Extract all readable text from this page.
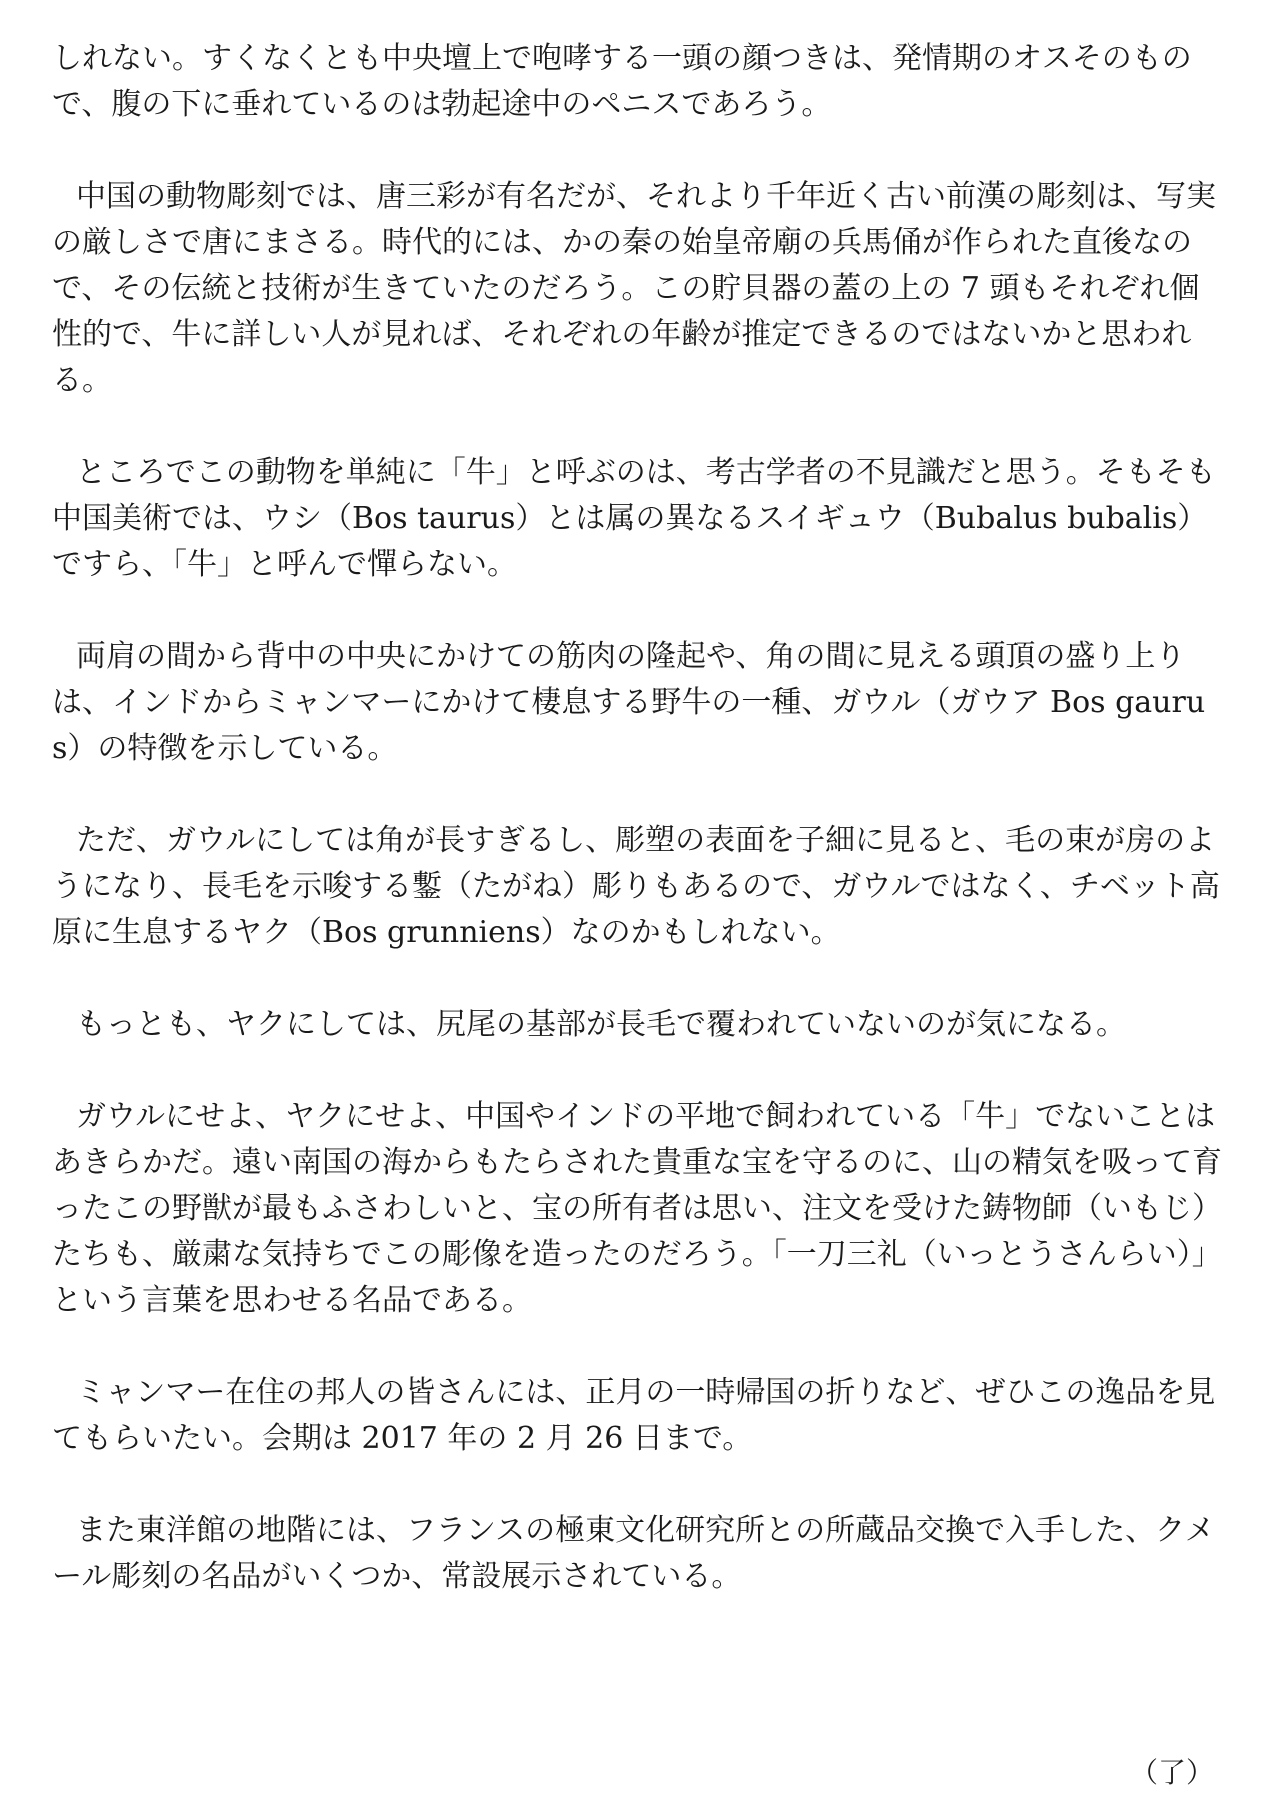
しれない。すくなくとも中央壇上で咆哮する一頭の顔つきは、発情期のオスそのもので、腹の下に垂れているのは勃起途中のペニスであろう。

中国の動物彫刻では、唐三彩が有名だが、それより千年近く古い前漢の彫刻は、写実の厳しさで唐にまさる。時代的には、かの秦の始皇帝廟の兵馬俑が作られた直後なので、その伝統と技術が生きていたのだろう。この貯貝器の蓋の上の 7 頭もそれぞれ個性的で、牛に詳しい人が見れば、それぞれの年齢が推定できるのではないかと思われる。

ところでこの動物を単純に「牛」と呼ぶのは、考古学者の不見識だと思う。そもそも中国美術では、ウシ（Bos taurus）とは属の異なるスイギュウ（Bubalus bubalis）ですら、「牛」と呼んで憚らない。

両肩の間から背中の中央にかけての筋肉の隆起や、角の間に見える頭頂の盛り上りは、インドからミャンマーにかけて棲息する野牛の一種、ガウル（ガウア Bos gaurus）の特徴を示している。

ただ、ガウルにしては角が長すぎるし、彫塑の表面を子細に見ると、毛の束が房のようになり、長毛を示唆する鏨（たがね）彫りもあるので、ガウルではなく、チベット高原に生息するヤク（Bos grunniens）なのかもしれない。

もっとも、ヤクにしては、尻尾の基部が長毛で覆われていないのが気になる。

ガウルにせよ、ヤクにせよ、中国やインドの平地で飼われている「牛」でないことはあきらかだ。遠い南国の海からもたらされた貴重な宝を守るのに、山の精気を吸って育ったこの野獣が最もふさわしいと、宝の所有者は思い、注文を受けた鋳物師（いもじ）たちも、厳粛な気持ちでこの彫像を造ったのだろう。「一刀三礼（いっとうさんらい）」という言葉を思わせる名品である。

ミャンマー在住の邦人の皆さんには、正月の一時帰国の折りなど、ぜひこの逸品を見てもらいたい。会期は 2017 年の 2 月 26 日まで。

また東洋館の地階には、フランスの極東文化研究所との所蔵品交換で入手した、クメール彫刻の名品がいくつか、常設展示されている。

（了）
